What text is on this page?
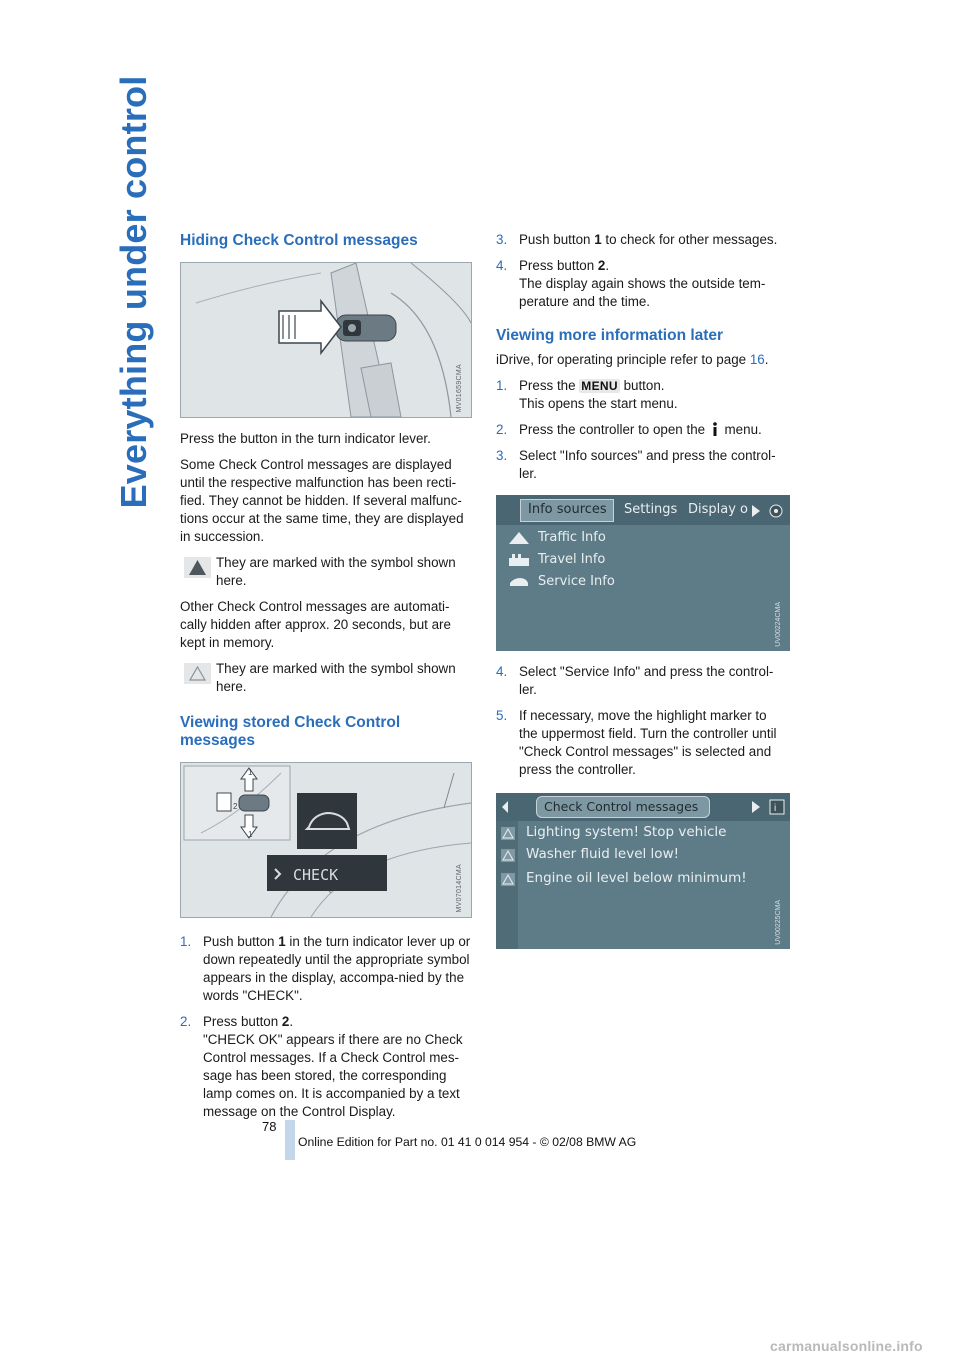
Everything under control Hiding Check Control messages
MV01659CMA

Press the button in the turn indicator lever.

Some Check Control messages are displayed until the respective malfunction has been recti-fied. They cannot be hidden. If several malfunc-tions occur at the same time, they are displayed in succession.

They are marked with the symbol shown here.

Other Check Control messages are automati-cally hidden after approx. 20 seconds, but are kept in memory.

They are marked with the symbol shown here.
Viewing stored Check Control messages
CHECK
1
1
2
MV07014CMA
1. Push button 1 in the turn indicator lever up or down repeatedly until the appropriate symbol appears in the display, accompa-nied by the words "CHECK".
2. Press button 2.
"CHECK OK" appears if there are no Check Control messages. If a Check Control mes-sage has been stored, the corresponding lamp comes on. It is accompanied by a text message on the Control Display.
3. Push button 1 to check for other messages.
4. Press button 2.
The display again shows the outside tem-perature and the time.
Viewing more information later

iDrive, for operating principle refer to page 16.

1. Press the MENU button.
This opens the start menu.
2. Press the controller to open the  menu.
3. Select "Info sources" and press the control-ler.
Info sources Settings Display o
Traffic Info
Travel Info
Service Info
UV00224CMA
4. Select "Service Info" and press the control-ler.
5. If necessary, move the highlight marker to the uppermost field. Turn the controller until "Check Control messages" is selected and press the controller.
Check Control messages	i
Lighting system! Stop vehicle
Washer fluid level low!
Engine oil level below minimum!
UV00225CMA
78
Online Edition for Part no. 01 41 0 014 954 - © 02/08 BMW AG
carmanualsonline.info
